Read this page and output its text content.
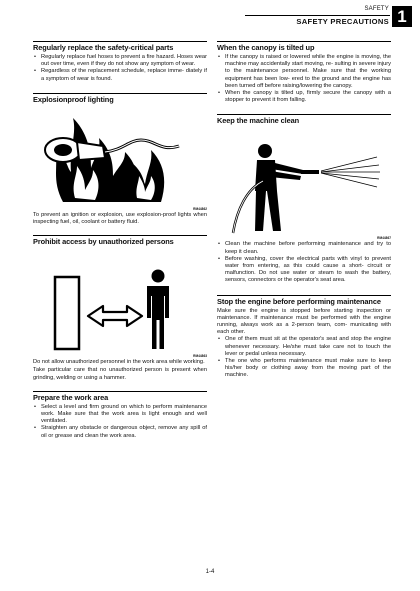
SAFETY
SAFETY PRECAUTIONS 1
Regularly replace the safety-critical parts
• Regularly replace fuel hoses to prevent a fire hazard. Hoses wear out over time, even if they do not show any symptom of wear.
• Regardless of the replacement schedule, replace imme- diately if a symptom of wear is found.
Explosionproof lighting
RM44862

To prevent an ignition or explosion, use explosion-proof lights when inspecting fuel, oil, coolant or battery fluid.

Prohibit access by unauthorized persons
RM44863

Do not allow unauthorized personnel in the work area while working.

Take particular care that no unauthorized person is present when grinding, welding or using a hammer.

Prepare the work area
• Select a level and firm ground on which to perform maintenance work. Make sure that the work area is light enough and well ventilated.
• Straighten any obstacle or dangerous object, remove any spill of oil or grease and clean the work area.
When the canopy is tilted up
• If the canopy is raised or lowered while the engine is moving, the machine may accidentally start moving, re- sulting in severe injury to the maintenance personnel. Make sure that the working equipment has been low- ered to the ground and the engine has been turned off before raising/lowering the canopy.
• When the canopy is tilted up, firmly secure the canopy with a stopper to prevent it from falling.
Keep the machine clean
RM44867
• Clean the machine before performing maintenance and try to keep it clean.
• Before washing, cover the electrical parts with vinyl to prevent water from entering, as this could cause a short- circuit or malfunction. Do not use water or steam to wash the battery, sensors, connectors or the operator's seat area.
Stop the engine before performing maintenance

Make sure the engine is stopped before starting inspection or maintenance. If maintenance must be performed with the engine running, always work as a 2-person team, com- municating with each other.

• One of them must sit at the operator's seat and stop the engine whenever necessary. He/she must take care not to touch the lever or pedal unless necessary.
• The one who performs maintenance must make sure to keep his/her body or clothing away from the moving part of the machine.
1-4
